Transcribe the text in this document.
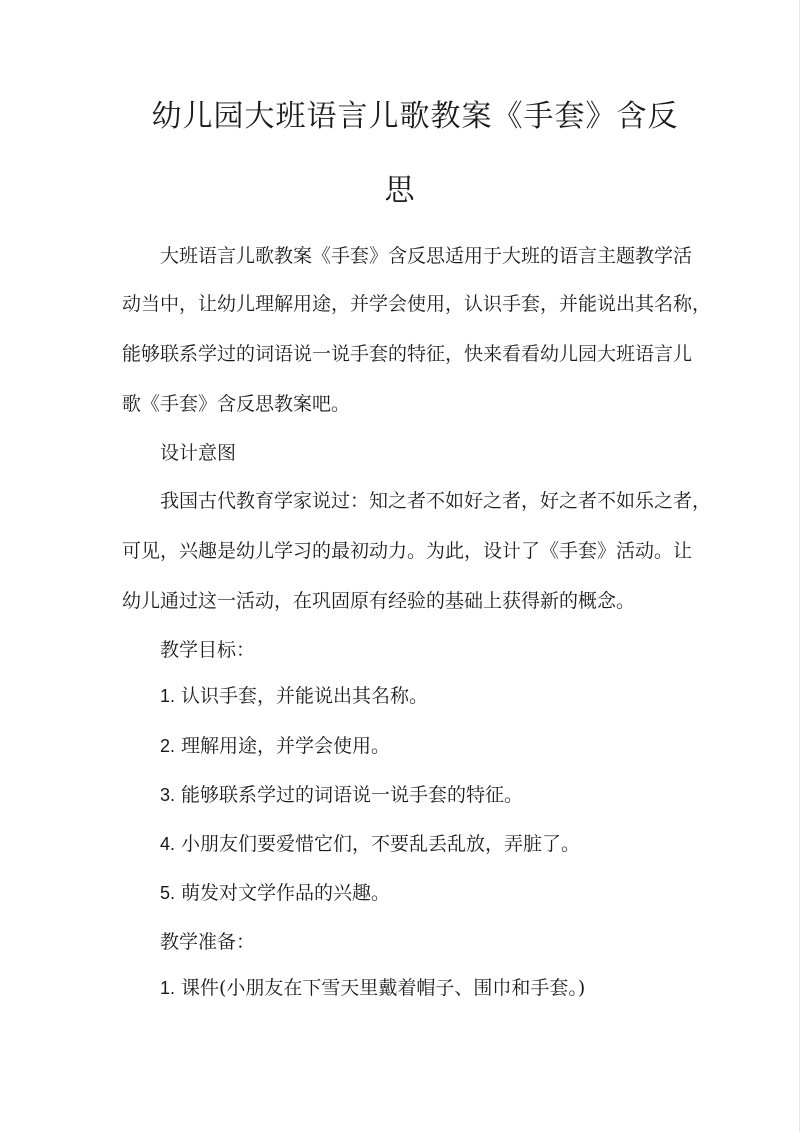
幼儿园大班语言儿歌教案《手套》含反
思
大班语言儿歌教案《手套》含反思适用于大班的语言主题教学活
动当中，让幼儿理解用途，并学会使用，认识手套，并能说出其名称，
能够联系学过的词语说一说手套的特征，快来看看幼儿园大班语言儿
歌《手套》含反思教案吧。
设计意图
我国古代教育学家说过：知之者不如好之者，好之者不如乐之者，
可见，兴趣是幼儿学习的最初动力。为此，设计了《手套》活动。让
幼儿通过这一活动，在巩固原有经验的基础上获得新的概念。
教学目标：
1. 认识手套，并能说出其名称。
2. 理解用途，并学会使用。
3. 能够联系学过的词语说一说手套的特征。
4. 小朋友们要爱惜它们，不要乱丢乱放，弄脏了。
5. 萌发对文学作品的兴趣。
教学准备：
1. 课件(小朋友在下雪天里戴着帽子、围巾和手套。)
